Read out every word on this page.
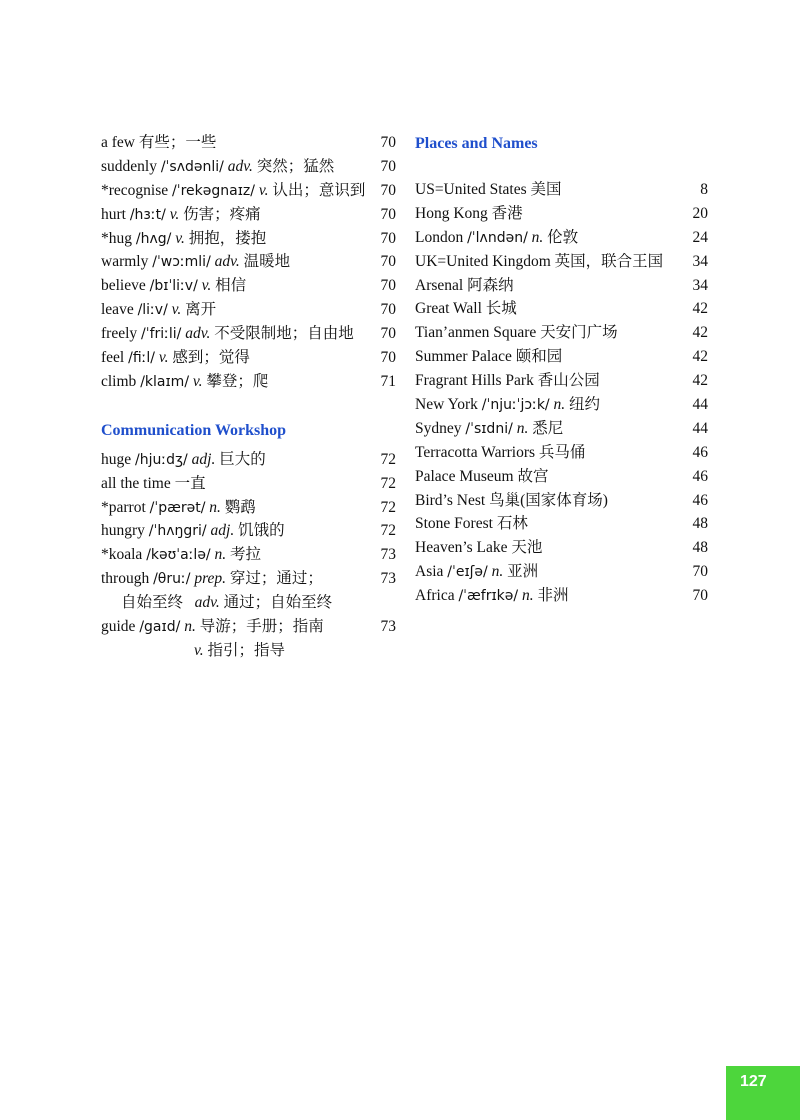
a few 有些；一些	70
suddenly /ˈsʌdənli/ adv. 突然；猛然	70
*recognise /ˈrekəgnaɪz/ v. 认出；意识到 70
hurt /hɜːt/ v. 伤害；疼痛	70
*hug /hʌg/ v. 拥抱，搂抱	70
warmly /ˈwɔːmli/ adv. 温暖地	70
believe /bɪˈliːv/ v. 相信	70
leave /liːv/ v. 离开	70
freely /ˈfriːli/ adv. 不受限制地；自由地 70
feel /fiːl/ v. 感到；觉得	70
climb /klaɪm/ v. 攀登；爬	71
Communication Workshop
huge /hjuːdʒ/ adj. 巨大的	72
all the time 一直	72
*parrot /ˈpærət/ n. 鹦鹉	72
hungry /ˈhʌŋgri/ adj. 饥饿的	72
*koala /kəʊˈaːlə/ n. 考拉	73
through /θruː/ prep. 穿过；通过；	73
自始至终 adv. 通过；自始至终
guide /gaɪd/ n. 导游；手册；指南	73
v. 指引；指导
Places and Names
US=United States 美国	8
Hong Kong 香港	20
London /ˈlʌndən/ n. 伦敦	24
UK=United Kingdom 英国，联合王国 34
Arsenal 阿森纳	34
Great Wall 长城	42
Tian’anmen Square 天安门广场	42
Summer Palace 颐和园	42
Fragrant Hills Park 香山公园	42
New York /ˈnjuːˈjɔːk/ n. 纽约	44
Sydney /ˈsɪdni/ n. 悉尼	44
Terracotta Warriors 兵马俑	46
Palace Museum 故宫	46
Bird’s Nest 鸟巢(国家体育场)	46
Stone Forest 石林	48
Heaven’s Lake 天池	48
Asia /ˈeɪʃə/ n. 亚洲	70
Africa /ˈæfrɪkə/ n. 非洲	70
127
